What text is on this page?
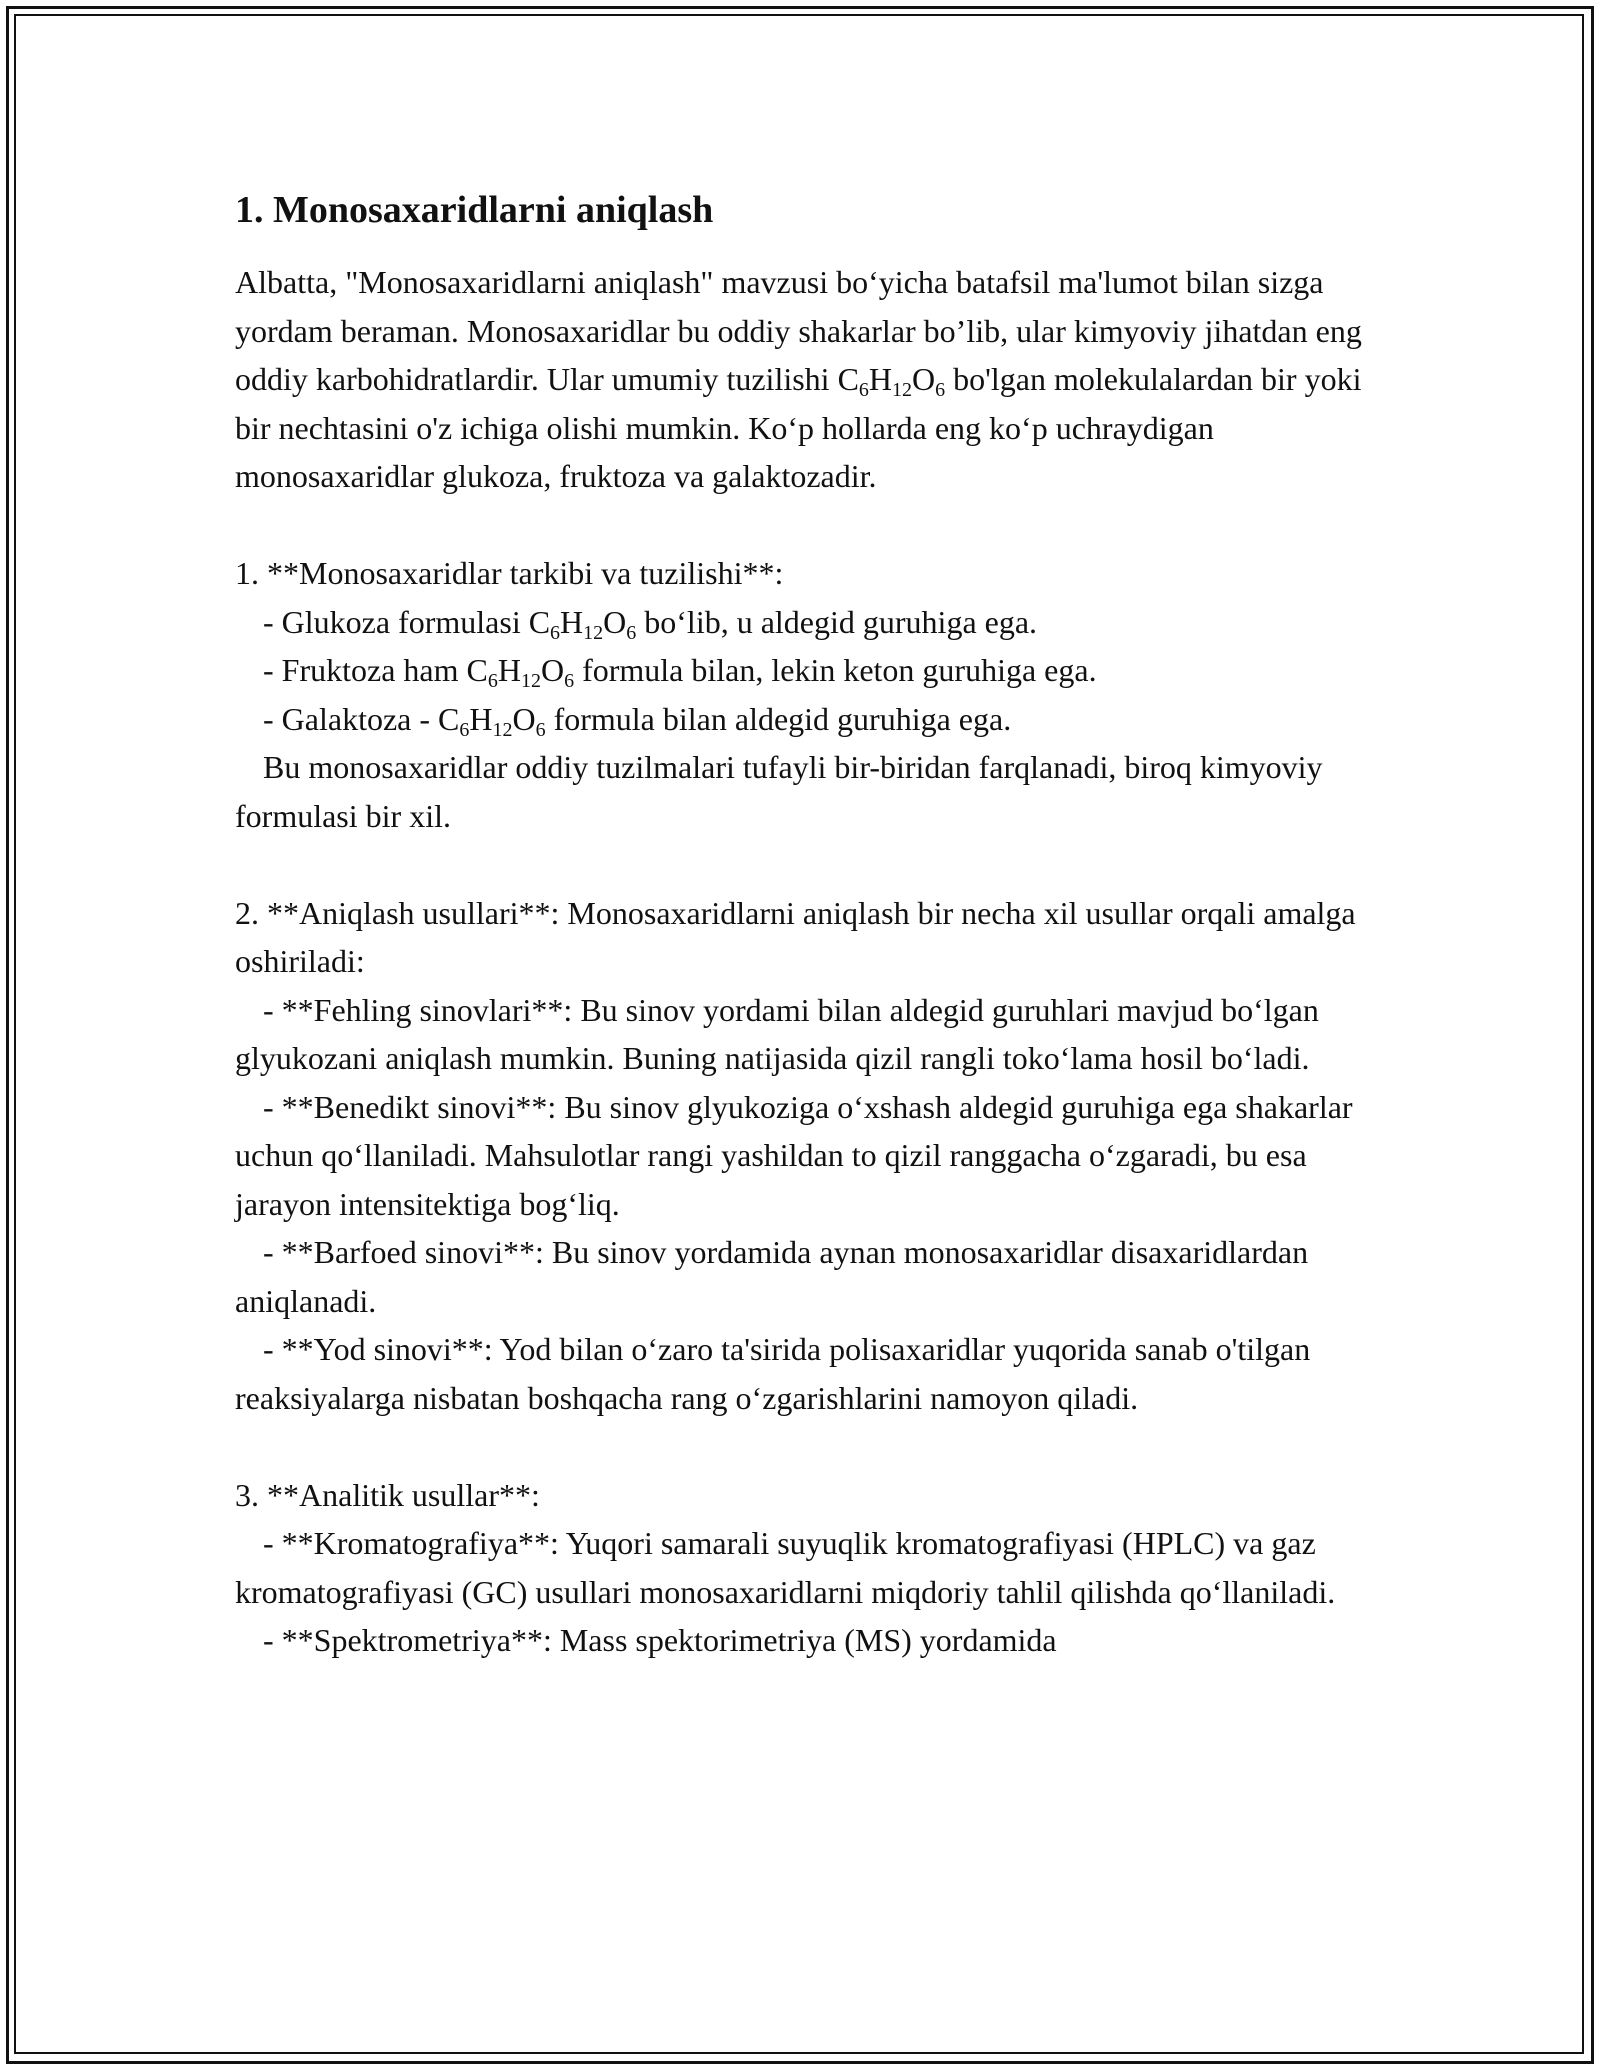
1. Monosaxaridlarni aniqlash

Albatta, "Monosaxaridlarni aniqlash" mavzusi bo‘yicha batafsil ma'lumot bilan sizga yordam beraman. Monosaxaridlar bu oddiy shakarlar bo’lib, ular kimyoviy jihatdan eng oddiy karbohidratlardir. Ular umumiy tuzilishi $C_6H_{12}O_6$ bo'lgan molekulalardan bir yoki bir nechtasini o'z ichiga olishi mumkin. Ko‘p hollarda eng ko‘p uchraydigan monosaxaridlar glukoza, fruktoza va galaktozadir.

1. **Monosaxaridlar tarkibi va tuzilishi**:

- Glukoza formulasi $C_6H_{12}O_6$ bo‘lib, u aldegid guruhiga ega.

- Fruktoza ham $C_6H_{12}O_6$ formula bilan, lekin keton guruhiga ega.

- Galaktoza - $C_6H_{12}O_6$ formula bilan aldegid guruhiga ega.

Bu monosaxaridlar oddiy tuzilmalari tufayli bir-biridan farqlanadi, biroq kimyoviy formulasi bir xil.

2. **Aniqlash usullari**: Monosaxaridlarni aniqlash bir necha xil usullar orqali amalga oshiriladi:

- **Fehling sinovlari**: Bu sinov yordami bilan aldegid guruhlari mavjud bo‘lgan glyukozani aniqlash mumkin. Buning natijasida qizil rangli toko‘lama hosil bo‘ladi.

- **Benedikt sinovi**: Bu sinov glyukoziga o‘xshash aldegid guruhiga ega shakarlar uchun qo‘llaniladi. Mahsulotlar rangi yashildan to qizil ranggacha o‘zgaradi, bu esa jarayon intensitektiga bog‘liq.

- **Barfoed sinovi**: Bu sinov yordamida aynan monosaxaridlar disaxaridlardan aniqlanadi.

- **Yod sinovi**: Yod bilan o‘zaro ta'sirida polisaxaridlar yuqorida sanab o'tilgan reaksiyalarga nisbatan boshqacha rang o‘zgarishlarini namoyon qiladi.

3. **Analitik usullar**:

- **Kromatografiya**: Yuqori samarali suyuqlik kromatografiyasi (HPLC) va gaz kromatografiyasi (GC) usullari monosaxaridlarni miqdoriy tahlil qilishda qo‘llaniladi.

- **Spektrometriya**: Mass spektorimetriya (MS) yordamida
